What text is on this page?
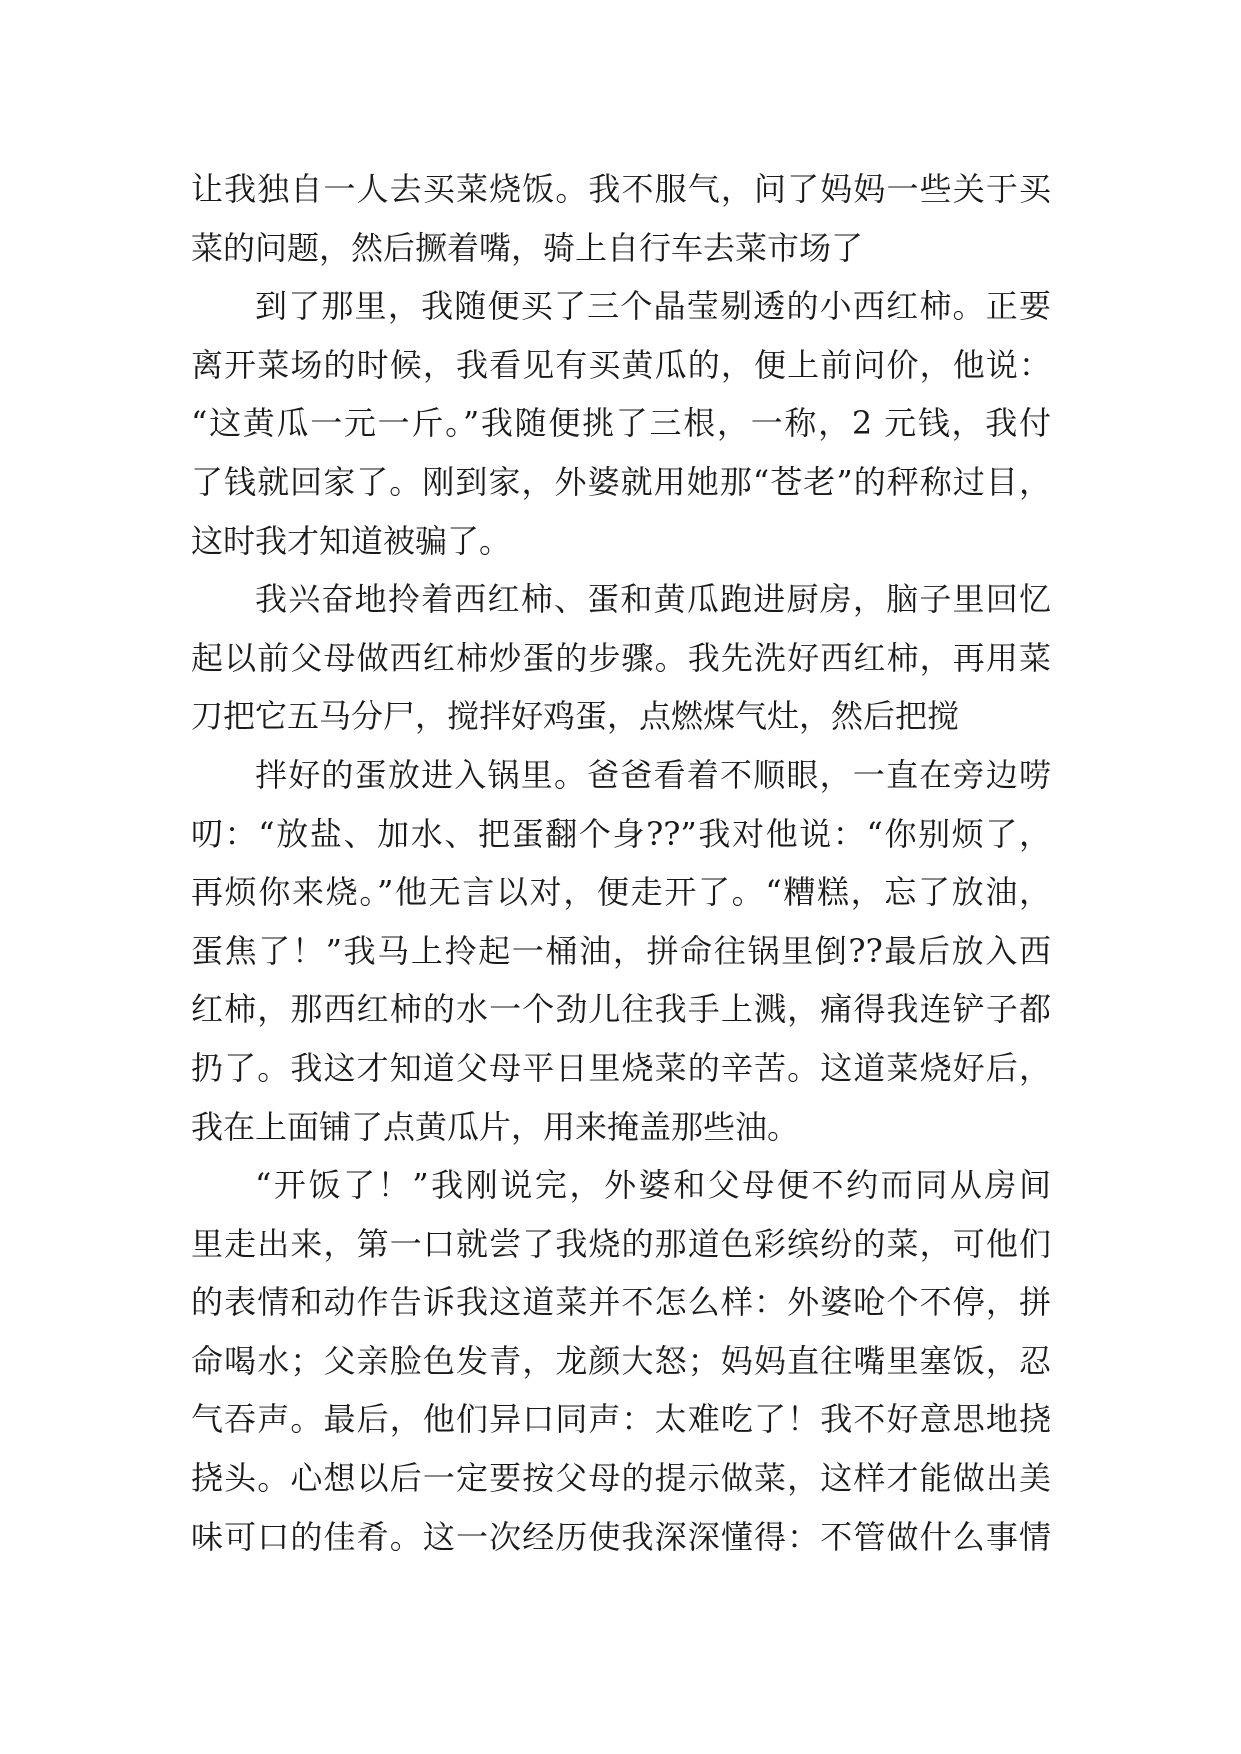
让我独自一人去买菜烧饭。我不服气，问了妈妈一些关于买
菜的问题，然后撅着嘴，骑上自行车去菜市场了
到了那里，我随便买了三个晶莹剔透的小西红柿。正要
离开菜场的时候，我看见有买黄瓜的，便上前问价，他说：
“这黄瓜一元一斤。”我随便挑了三根，一称，2 元钱，我付
了钱就回家了。刚到家，外婆就用她那“苍老”的秤称过目，
这时我才知道被骗了。
我兴奋地拎着西红柿、蛋和黄瓜跑进厨房，脑子里回忆
起以前父母做西红柿炒蛋的步骤。我先洗好西红柿，再用菜
刀把它五马分尸，搅拌好鸡蛋，点燃煤气灶，然后把搅
拌好的蛋放进入锅里。爸爸看着不顺眼，一直在旁边唠
叨：“放盐、加水、把蛋翻个身??”我对他说：“你别烦了，
再烦你来烧。”他无言以对，便走开了。“糟糕，忘了放油，
蛋焦了！”我马上拎起一桶油，拼命往锅里倒??最后放入西
红柿，那西红柿的水一个劲儿往我手上溅，痛得我连铲子都
扔了。我这才知道父母平日里烧菜的辛苦。这道菜烧好后，
我在上面铺了点黄瓜片，用来掩盖那些油。
“开饭了！”我刚说完，外婆和父母便不约而同从房间
里走出来，第一口就尝了我烧的那道色彩缤纷的菜，可他们
的表情和动作告诉我这道菜并不怎么样：外婆呛个不停，拼
命喝水；父亲脸色发青，龙颜大怒；妈妈直往嘴里塞饭，忍
气吞声。最后，他们异口同声：太难吃了！我不好意思地挠
挠头。心想以后一定要按父母的提示做菜，这样才能做出美
味可口的佳肴。这一次经历使我深深懂得：不管做什么事情
